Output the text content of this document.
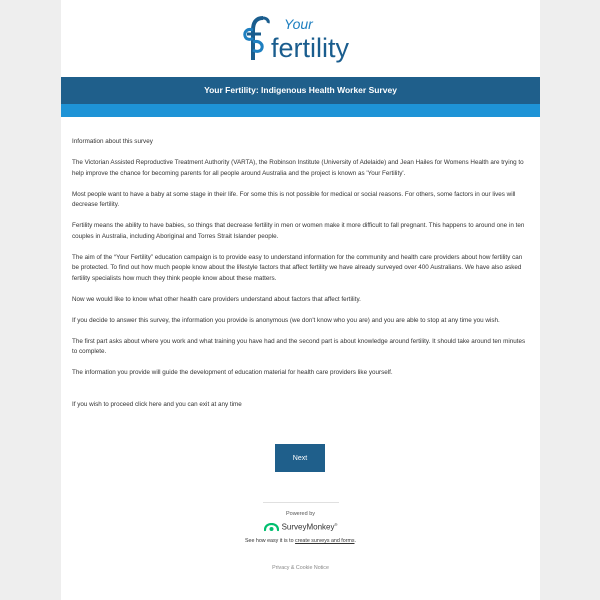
Your
fertility
Your Fertility: Indigenous Health Worker Survey

Information about this survey

The Victorian Assisted Reproductive Treatment Authority (VARTA), the Robinson Institute (University of Adelaide) and Jean Hailes for Womens Health are trying to help improve the chance for becoming parents for all people around Australia and the project is known as 'Your Fertility'.

Most people want to have a baby at some stage in their life. For some this is not possible for medical or social reasons. For others, some factors in our lives will decrease fertility.

Fertility means the ability to have babies, so things that decrease fertility in men or women make it more difficult to fall pregnant. This happens to around one in ten couples in Australia, including Aboriginal and Torres Strait Islander people.

The aim of the “Your Fertility” education campaign is to provide easy to understand information for the community and health care providers about how fertility can be protected. To find out how much people know about the lifestyle factors that affect fertility we have already surveyed over 400 Australians. We have also asked fertility specialists how much they think people know about these matters.

Now we would like to know what other health care providers understand about factors that affect fertility.

If you decide to answer this survey, the information you provide is anonymous (we don't know who you are) and you are able to stop at any time you wish.

The first part asks about where you work and what training you have had and the second part is about knowledge around fertility. It should take around ten minutes to complete.

The information you provide will guide the development of education material for health care providers like yourself.

If you wish to proceed click here and you can exit at any time

Next
Powered by
SurveyMonkey®
See how easy it is to create surveys and forms.
Privacy & Cookie Notice
